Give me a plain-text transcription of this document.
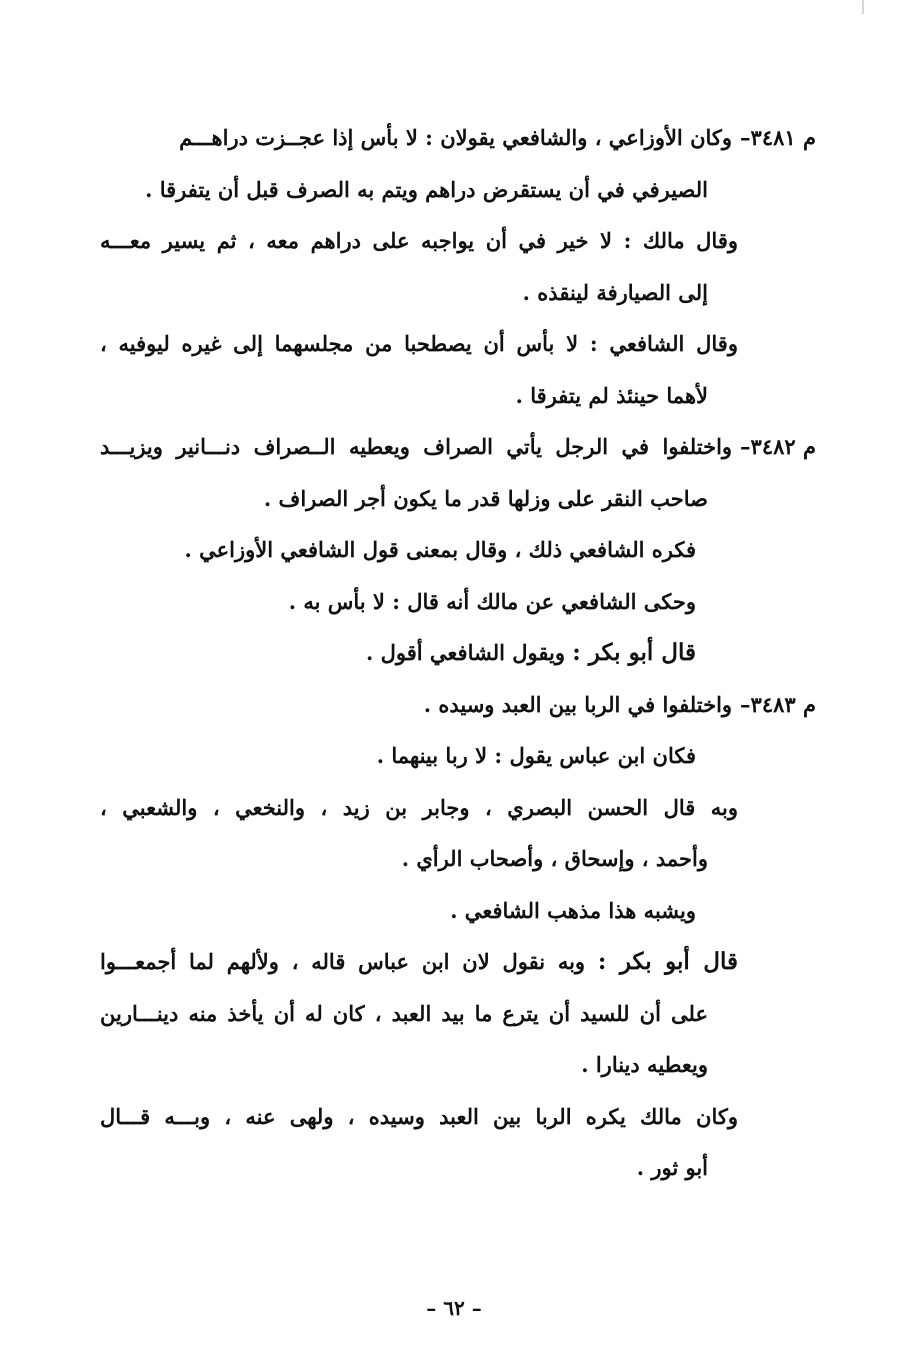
م ٣٤٨١–وكان الأوزاعي ، والشافعي يقولان : لا بأس إذا عجــزت دراهـــم

الصيرفي في أن يستقرض دراهم ويتم به الصرف قبل أن يتفرقا .

وقال مالك : لا خير في أن يواجبه على دراهم معه ، ثم يسير معـــه

إلى الصيارفة لينقذه .

وقال الشافعي : لا بأس أن يصطحبا من مجلسهما إلى غيره ليوفيه ،

لأهما حينئذ لم يتفرقا .

م ٣٤٨٢–واختلفوا في الرجل يأتي الصراف ويعطيه الــصراف دنـــانير ويزيـــد

صاحب النقر على وزلها قدر ما يكون أجر الصراف .

فكره الشافعي ذلك ، وقال بمعنى قول الشافعي الأوزاعي .

وحكى الشافعي عن مالك أنه قال : لا بأس به .

قال أبو بكر : ويقول الشافعي أقول .

م ٣٤٨٣–واختلفوا في الربا بين العبد وسيده .

فكان ابن عباس يقول : لا ربا بينهما .

وبه قال الحسن البصري ، وجابر بن زيد ، والنخعي ، والشعبي ،

وأحمد ، وإسحاق ، وأصحاب الرأي .

ويشبه هذا مذهب الشافعي .

قال أبو بكر : وبه نقول لان ابن عباس قاله ، ولألهم لما أجمعـــوا

على أن للسيد أن يترع ما بيد العبد ، كان له أن يأخذ منه دينـــارين

ويعطيه دينارا .

وكان مالك يكره الربا بين العبد وسيده ، ولهى عنه ، وبـــه قـــال

أبو ثور .

– ٦٢ –
